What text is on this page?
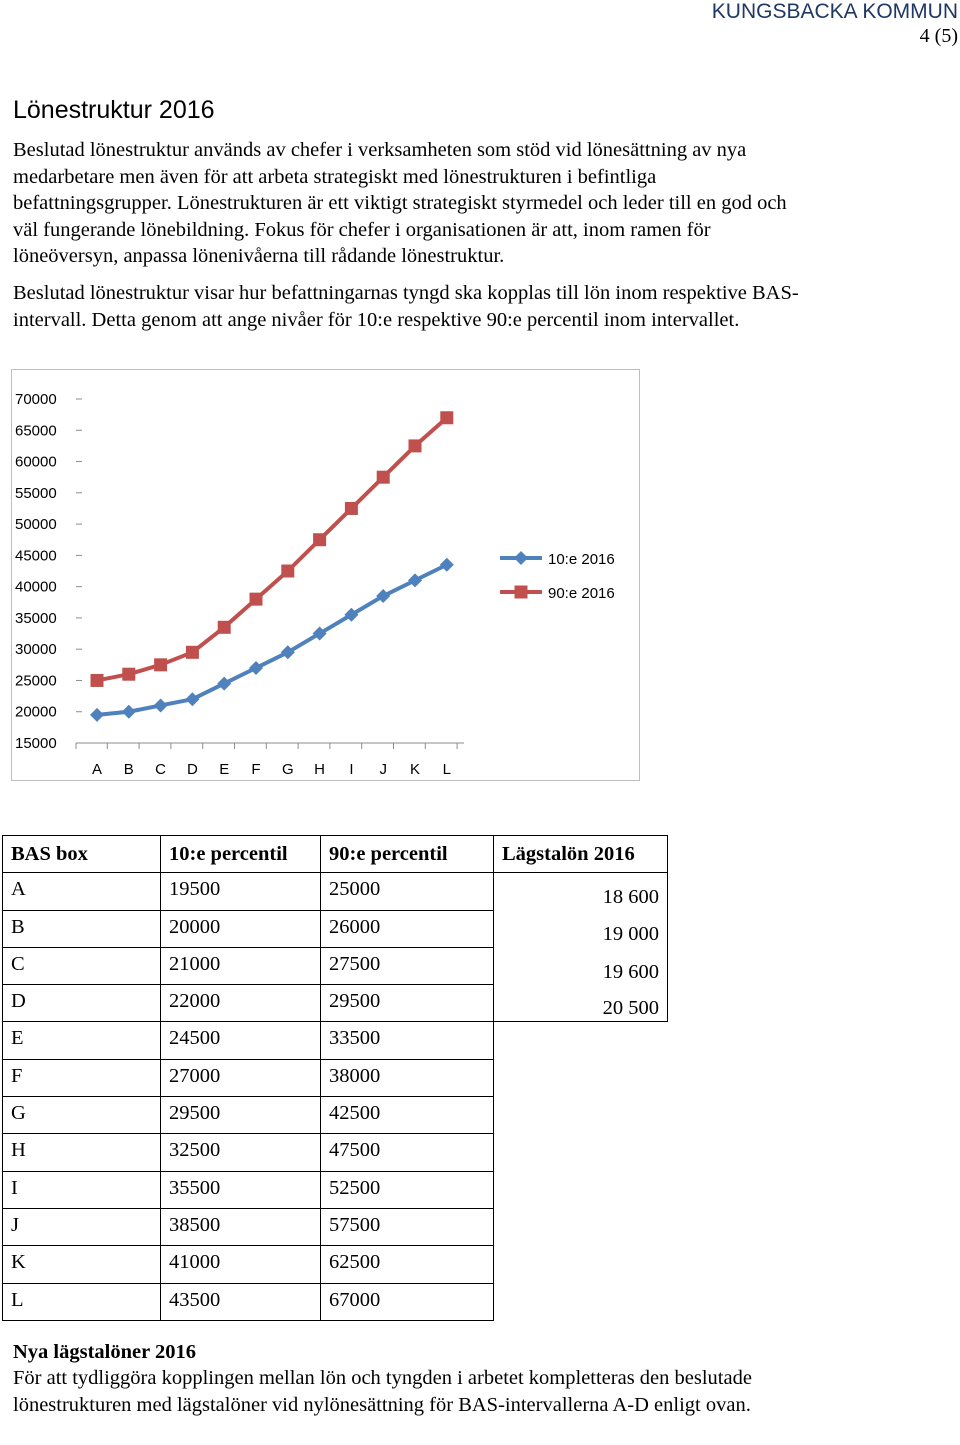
KUNGSBACKA KOMMUN
4 (5)
Lönestruktur 2016

Beslutad lönestruktur används av chefer i verksamheten som stöd vid lönesättning av nya medarbetare men även för att arbeta strategiskt med lönestrukturen i befintliga befattningsgrupper. Lönestrukturen är ett viktigt strategiskt styrmedel och leder till en god och väl fungerande lönebildning. Fokus för chefer i organisationen är att, inom ramen för löneöversyn, anpassa lönenivåerna till rådande lönestruktur.

Beslutad lönestruktur visar hur befattningarnas tyngd ska kopplas till lön inom respektive BAS-intervall. Detta genom att ange nivåer för 10:e respektive 90:e percentil inom intervallet.

15000
20000
25000
30000
35000
40000
45000
50000
55000
60000
65000
70000
A B C D E F G H I J K L
10:e 2016
90:e 2016
BAS box	10:e percentil	90:e percentil	Lägstalön 2016
A	19500	25000	18 600
B	20000	26000	19 000
C	21000	27500	19 600
D	22000	29500	20 500
E	24500	33500	
F	27000	38000	
G	29500	42500	
H	32500	47500	
I	35500	52500	
J	38500	57500	
K	41000	62500	
L	43500	67000	

Nya lägstalöner 2016

För att tydliggöra kopplingen mellan lön och tyngden i arbetet kompletteras den beslutade lönestrukturen med lägstalöner vid nylönesättning för BAS-intervallerna A-D enligt ovan.
